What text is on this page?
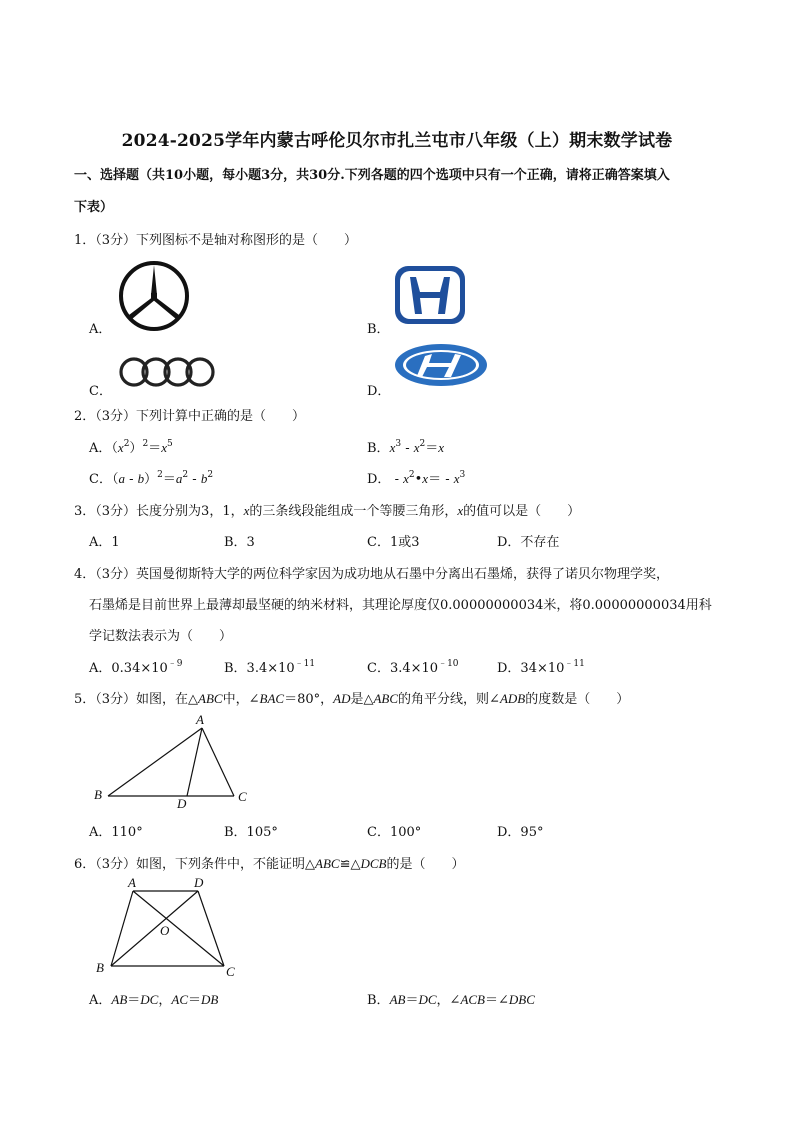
2024-2025学年内蒙古呼伦贝尔市扎兰屯市八年级（上）期末数学试卷
一、选择题（共10小题，每小题3分，共30分.下列各题的四个选项中只有一个正确，请将正确答案填入
下表）
1．（3分）下列图标不是轴对称图形的是（　　）
A．	B．
C．	D．
2．（3分）下列计算中正确的是（　　）
A．$(x^2)^2=x^5$	B．$x^3 - x^2=x$
C．$(a - b)^2=a^2 - b^2$	D． - $x^2•x= - x^3$
3．（3分）长度分别为3，1，x的三条线段能组成一个等腰三角形，x的值可以是（　　）
A．1	B．3	C．1或3	D．不存在
4．（3分）英国曼彻斯特大学的两位科学家因为成功地从石墨中分离出石墨烯，获得了诺贝尔物理学奖，
石墨烯是目前世界上最薄却最坚硬的纳米材料，其理论厚度仅0.00000000034米，将0.00000000034用科
学记数法表示为（　　）
A．$0.34\times 10^{﹣9}$	B．$3.4\times 10^{﹣11}$	C．$3.4\times 10^{﹣10}$	D．$34\times 10^{﹣11}$
5．（3分）如图，在△ABC中，∠BAC＝80°，AD是△ABC的角平分线，则∠ADB的度数是（　　）
A
B	C
D
A．110°	B．105°	C．100°	D．95°
6．（3分）如图，下列条件中，不能证明△ABC≌△DCB的是（　　）
A	D
O
B	C
A．AB＝DC，AC＝DB	B．AB＝DC，∠ACB＝∠DBC
